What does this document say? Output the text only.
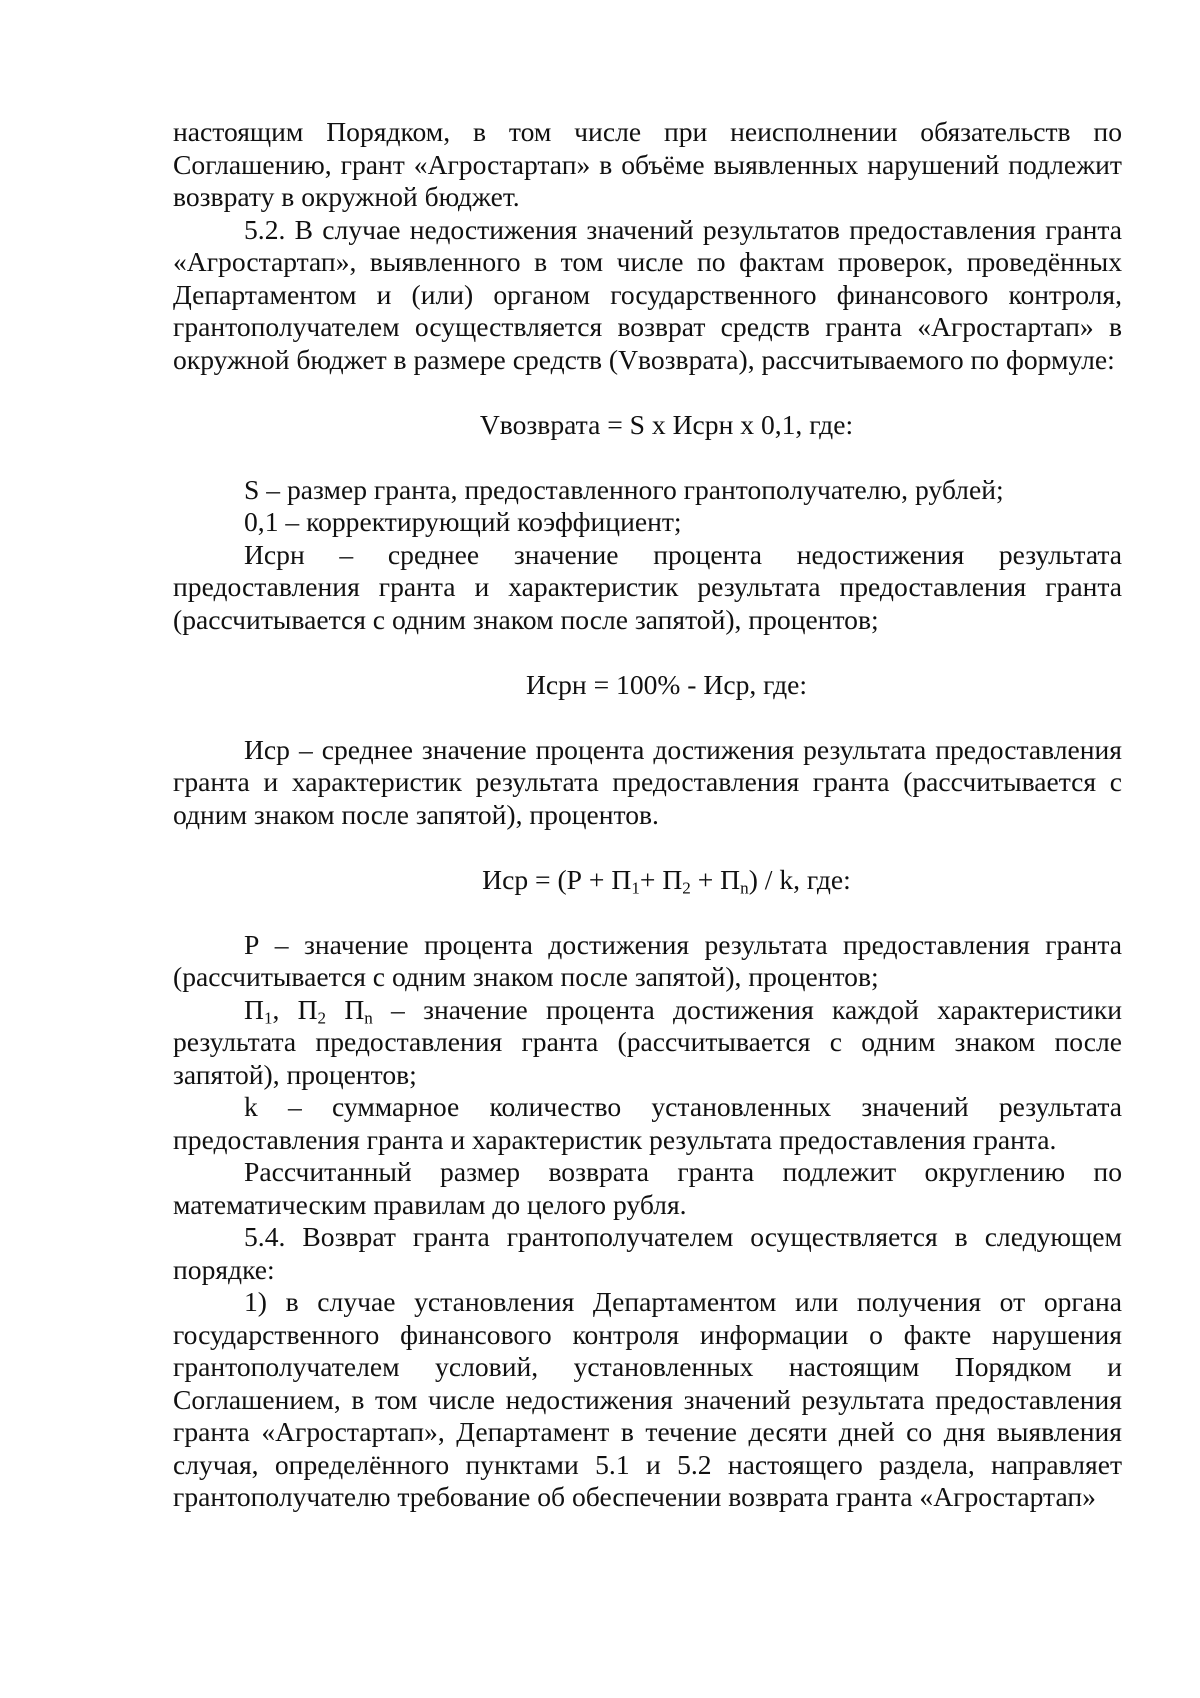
настоящим Порядком, в том числе при неисполнении обязательств по Соглашению, грант «Агростартап» в объёме выявленных нарушений подлежит возврату в окружной бюджет.

5.2. В случае недостижения значений результатов предоставления гранта «Агростартап», выявленного в том числе по фактам проверок, проведённых Департаментом и (или) органом государственного финансового контроля, грантополучателем осуществляется возврат средств гранта «Агростартап» в окружной бюджет в размере средств (Vвозврата), рассчитываемого по формуле:

Vвозврата = S x Исрн x 0,1, где:

S – размер гранта, предоставленного грантополучателю, рублей;

0,1 – корректирующий коэффициент;

Исрн – среднее значение процента недостижения результата предоставления гранта и характеристик результата предоставления гранта (рассчитывается с одним знаком после запятой), процентов;

Исрн = 100% - Иср, где:

Иср – среднее значение процента достижения результата предоставления гранта и характеристик результата предоставления гранта (рассчитывается с одним знаком после запятой), процентов.

Иср = $(Р + П_1+ П_2 + П_n) / k$, где:

Р – значение процента достижения результата предоставления гранта (рассчитывается с одним знаком после запятой), процентов;

$П_1$, $П_2$ $П_n$ – значение процента достижения каждой характеристики результата предоставления гранта (рассчитывается с одним знаком после запятой), процентов;

k – суммарное количество установленных значений результата предоставления гранта и характеристик результата предоставления гранта.

Рассчитанный размер возврата гранта подлежит округлению по математическим правилам до целого рубля.

5.4. Возврат гранта грантополучателем осуществляется в следующем порядке:

1) в случае установления Департаментом или получения от органа государственного финансового контроля информации о факте нарушения грантополучателем условий, установленных настоящим Порядком и Соглашением, в том числе недостижения значений результата предоставления гранта «Агростартап», Департамент в течение десяти дней со дня выявления случая, определённого пунктами 5.1 и 5.2 настоящего раздела, направляет грантополучателю требование об обеспечении возврата гранта «Агростартап»
